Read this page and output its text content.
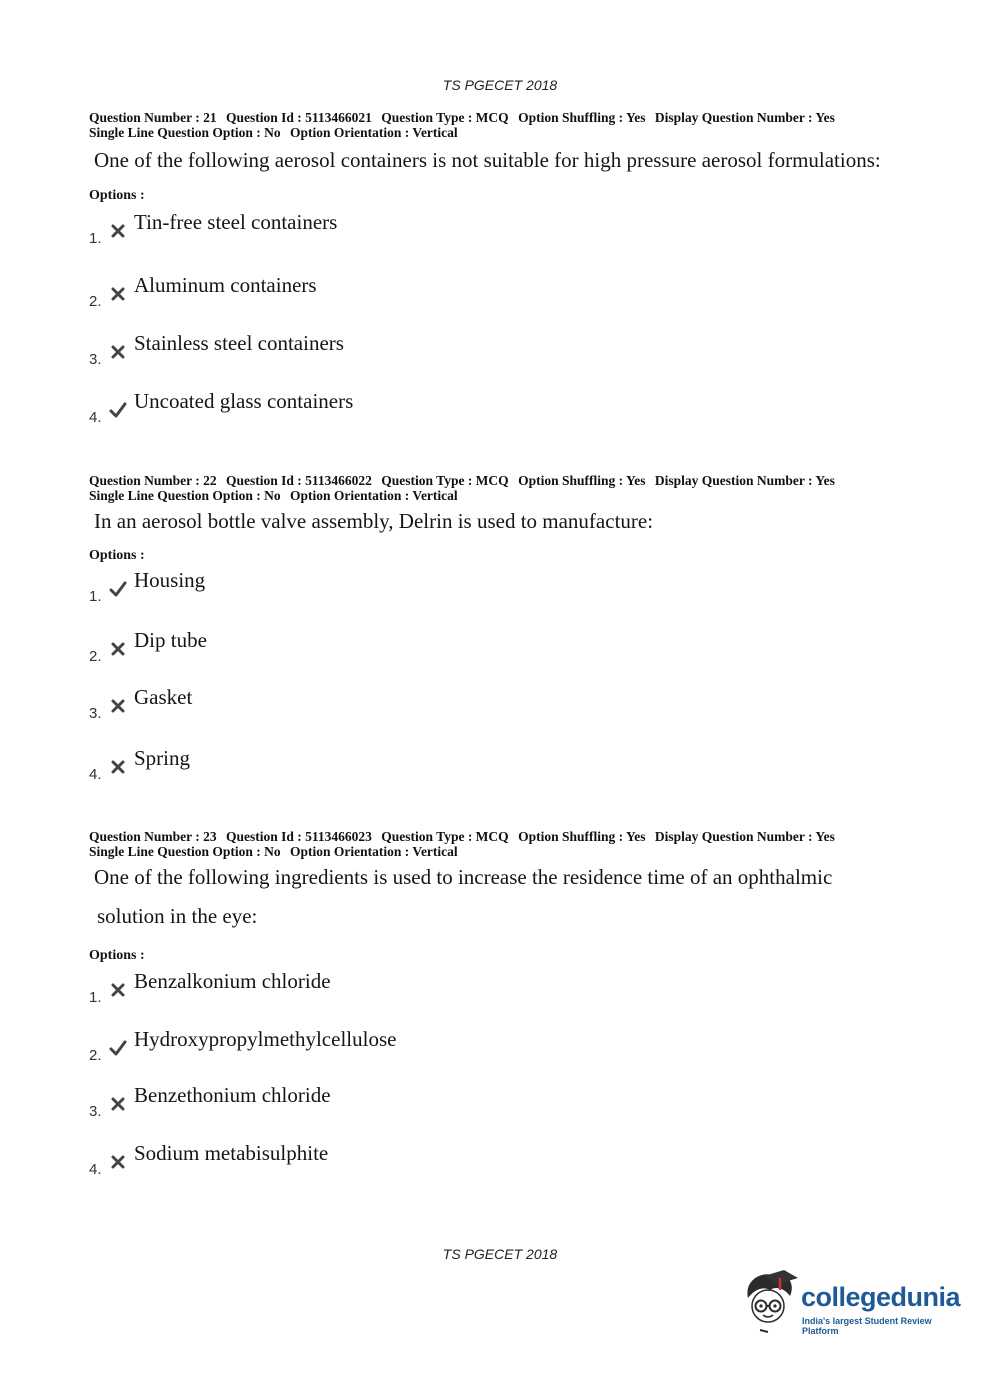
TS PGECET 2018
Question Number : 21 Question Id : 5113466021 Question Type : MCQ Option Shuffling : Yes Display Question Number : Yes
Single Line Question Option : No Option Orientation : Vertical
One of the following aerosol containers is not suitable for high pressure aerosol formulations:
Options :
1.
Tin-free steel containers
2.
Aluminum containers
3.
Stainless steel containers
4.
Uncoated glass containers
Question Number : 22 Question Id : 5113466022 Question Type : MCQ Option Shuffling : Yes Display Question Number : Yes
Single Line Question Option : No Option Orientation : Vertical
In an aerosol bottle valve assembly, Delrin is used to manufacture:
Options :
1.
Housing
2.
Dip tube
3.
Gasket
4.
Spring
Question Number : 23 Question Id : 5113466023 Question Type : MCQ Option Shuffling : Yes Display Question Number : Yes
Single Line Question Option : No Option Orientation : Vertical
One of the following ingredients is used to increase the residence time of an ophthalmic
solution in the eye:
Options :
1.
Benzalkonium chloride
2.
Hydroxypropylmethylcellulose
3.
Benzethonium chloride
4.
Sodium metabisulphite
TS PGECET 2018
collegedunia
India's largest Student Review Platform
